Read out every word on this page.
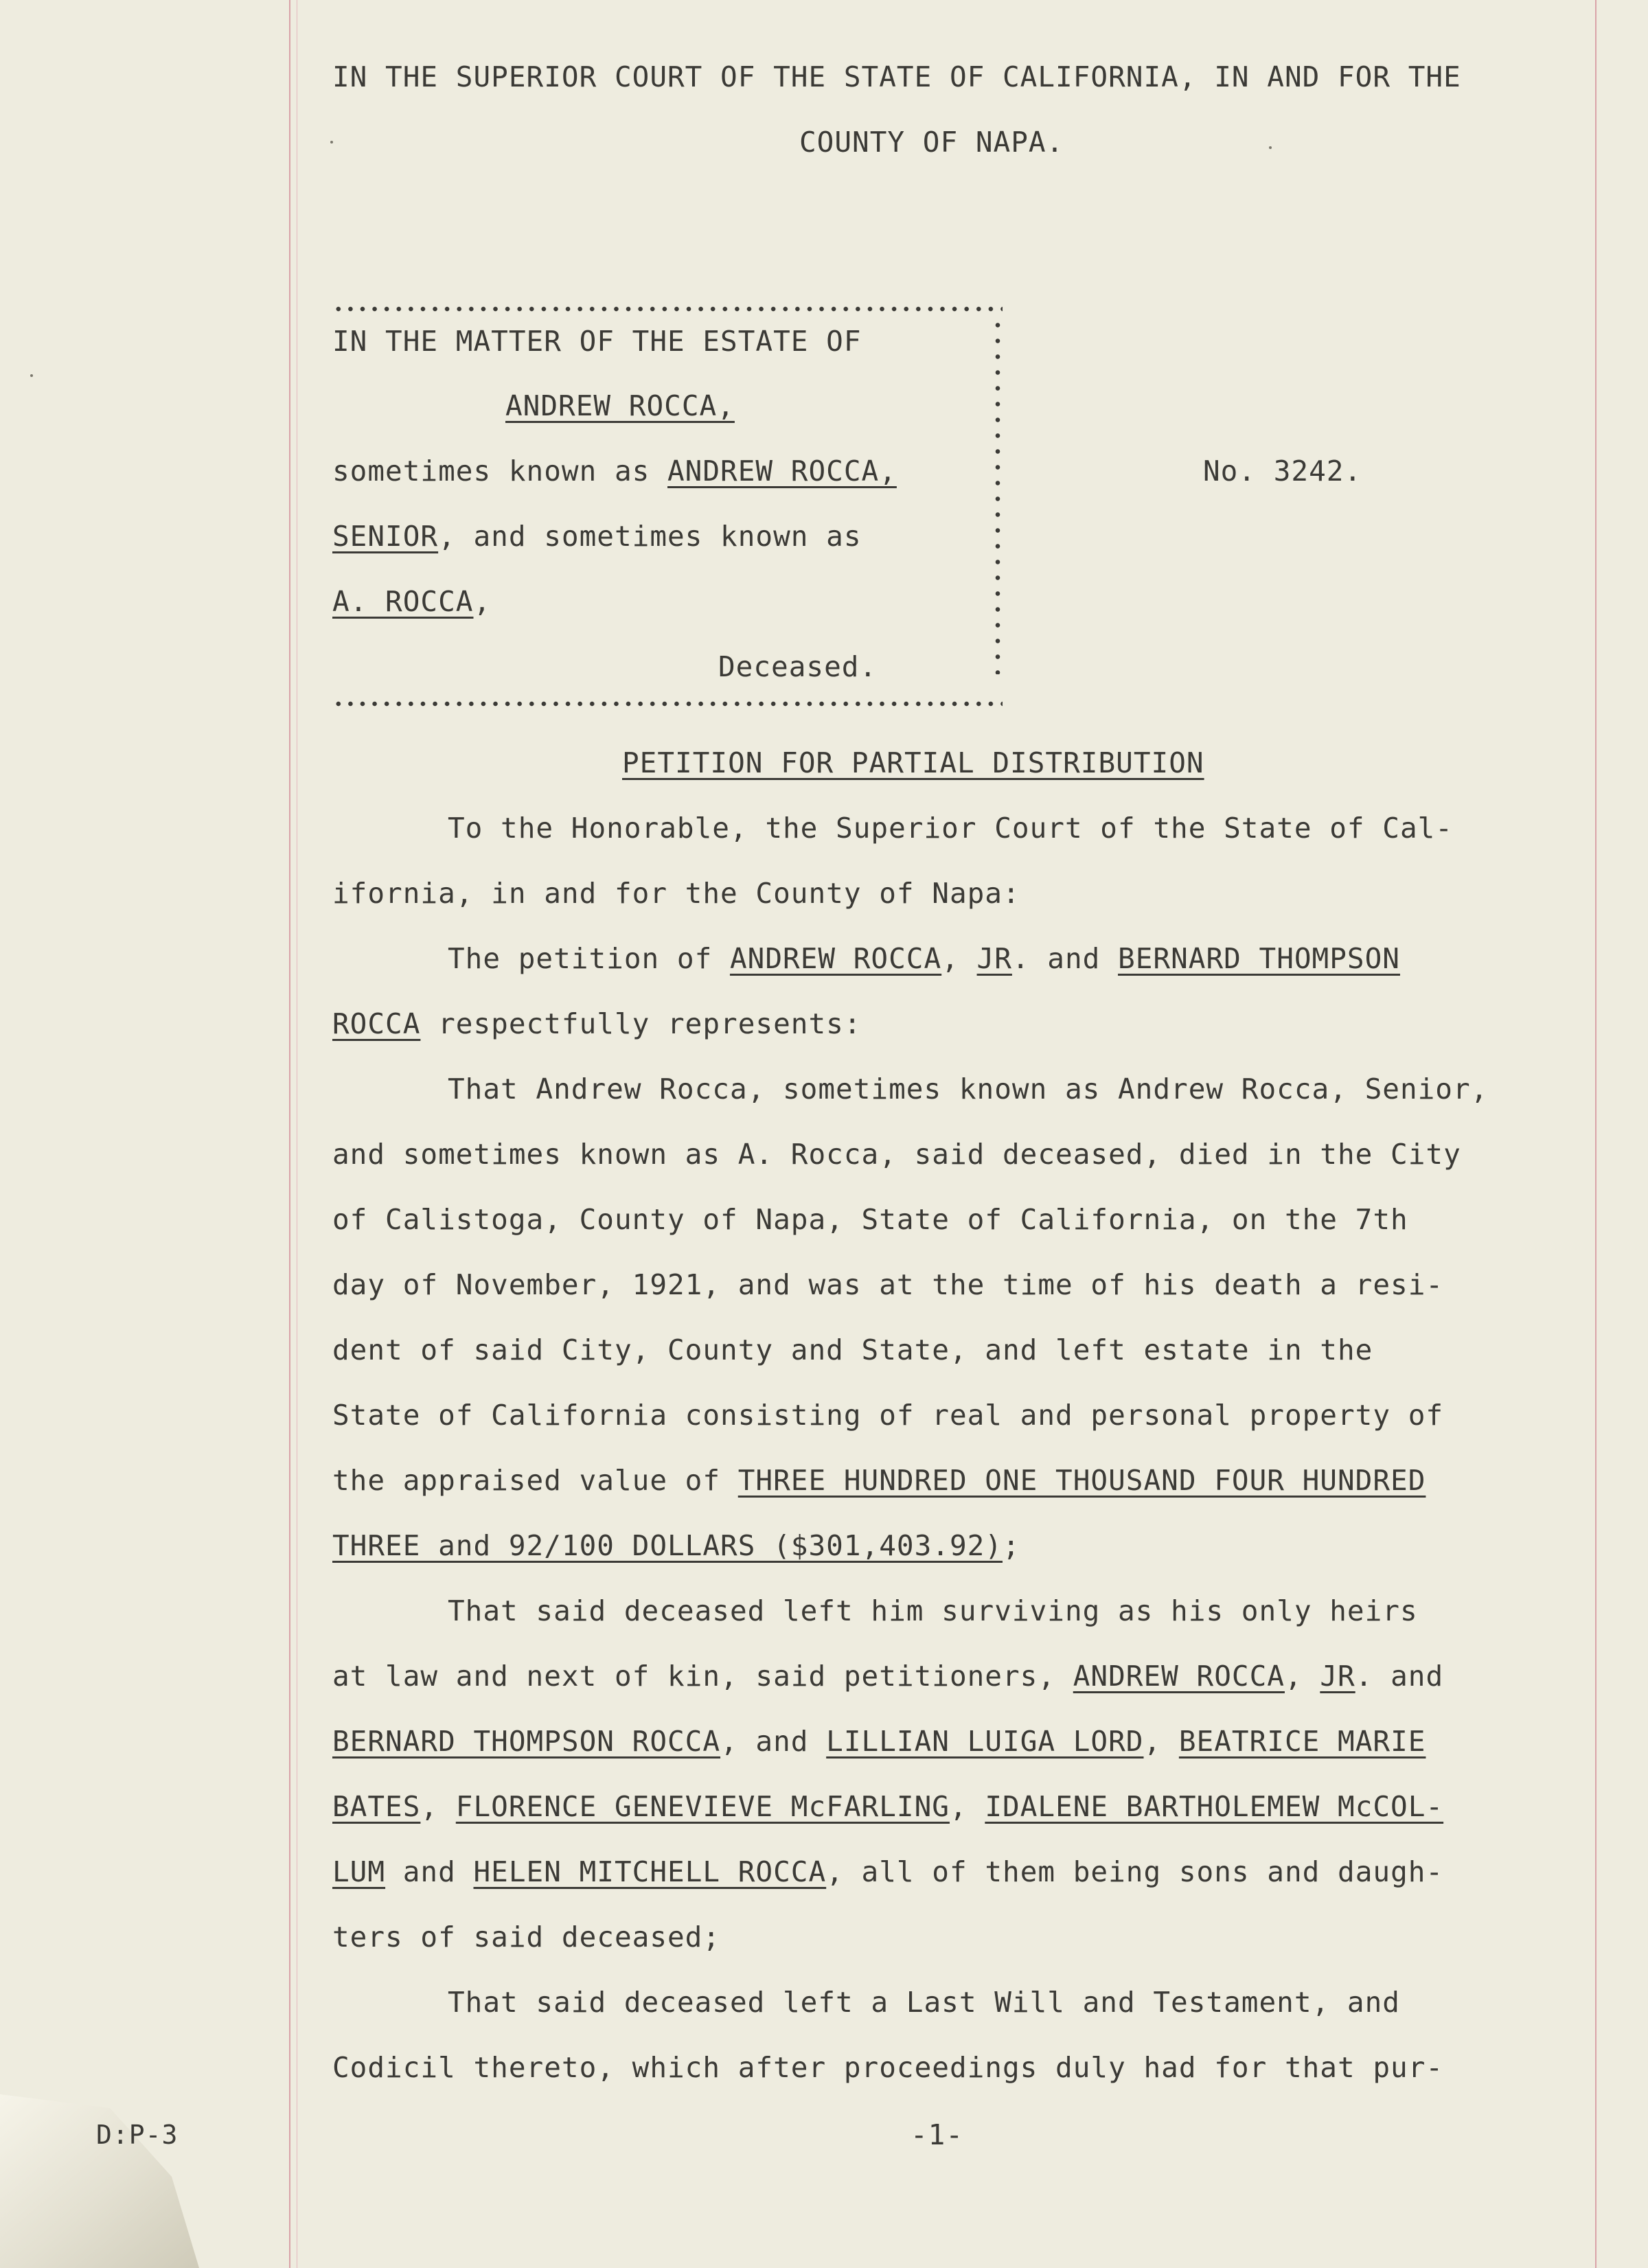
IN THE SUPERIOR COURT OF THE STATE OF CALIFORNIA, IN AND FOR THE
COUNTY OF NAPA.
IN THE MATTER OF THE ESTATE OF
ANDREW ROCCA,
sometimes known as ANDREW ROCCA,
SENIOR, and sometimes known as
A. ROCCA,
Deceased.
No. 3242.
PETITION FOR PARTIAL DISTRIBUTION
To the Honorable, the Superior Court of the State of Cal-
ifornia, in and for the County of Napa:
The petition of ANDREW ROCCA, JR. and BERNARD THOMPSON
ROCCA respectfully represents:
That Andrew Rocca, sometimes known as Andrew Rocca, Senior,
and sometimes known as A. Rocca, said deceased, died in the City
of Calistoga, County of Napa, State of California, on the 7th
day of November, 1921, and was at the time of his death a resi-
dent of said City, County and State, and left estate in the
State of California consisting of real and personal property of
the appraised value of THREE HUNDRED ONE THOUSAND FOUR HUNDRED
THREE and 92/100 DOLLARS ($301,403.92);
That said deceased left him surviving as his only heirs
at law and next of kin, said petitioners, ANDREW ROCCA, JR. and
BERNARD THOMPSON ROCCA, and LILLIAN LUIGA LORD, BEATRICE MARIE
BATES, FLORENCE GENEVIEVE McFARLING, IDALENE BARTHOLEMEW McCOL-
LUM and HELEN MITCHELL ROCCA, all of them being sons and daugh-
ters of said deceased;
That said deceased left a Last Will and Testament, and
Codicil thereto, which after proceedings duly had for that pur-
D:P-3	-1-
